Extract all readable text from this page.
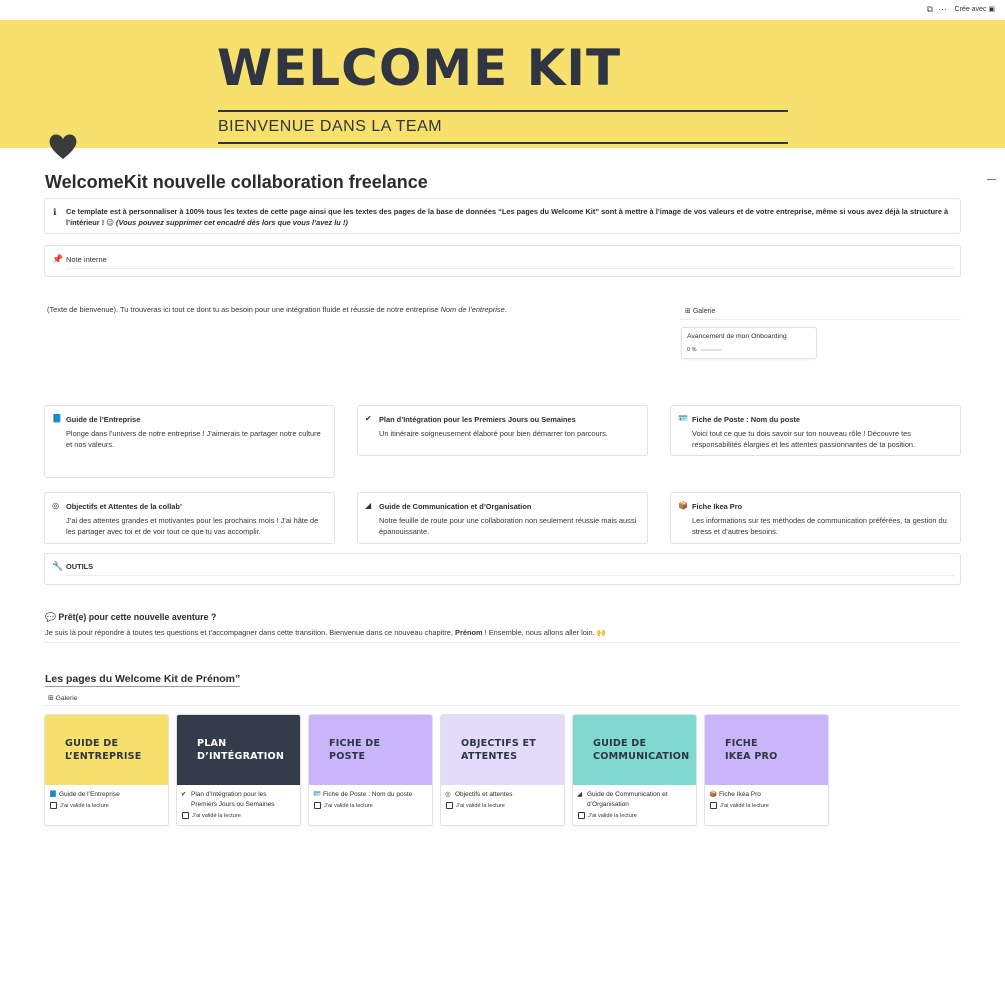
⧉ ··· Crée avec ▣
WELCOME KIT
BIENVENUE DANS LA TEAM
WelcomeKit nouvelle collaboration freelance
ℹ Ce template est à personnaliser à 100% tous les textes de cette page ainsi que les textes des pages de la base de données “Les pages du Welcome Kit” sont à mettre à l’image de vos valeurs et de votre entreprise, même si vous avez déjà la structure à l’intérieur ! 😉 (Vous pouvez supprimer cet encadré dès lors que vous l’avez lu !)
📌 Note interne
(Texte de bienvenue). Tu trouveras ici tout ce dont tu as besoin pour une intégration fluide et réussie de notre entreprise Nom de l’entreprise.	⊞ Galerie
Avancement de mon Onboarding
0 %
📘 Guide de l’Entreprise
Plonge dans l’univers de notre entreprise ! J’aimerais te partager notre culture et nos valeurs.
✔ Plan d’Intégration pour les Premiers Jours ou Semaines
Un itinéraire soigneusement élaboré pour bien démarrer ton parcours.
🪪 Fiche de Poste : Nom du poste
Voici tout ce que tu dois savoir sur ton nouveau rôle ! Découvre tes responsabilités élargies et les attentes passionnantes de ta position.
◎ Objectifs et Attentes de la collab’
J’ai des attentes grandes et motivantes pour les prochains mois ! J’ai hâte de les partager avec toi et de voir tout ce que tu vas accomplir.
◢ Guide de Communication et d’Organisation
Notre feuille de route pour une collaboration non seulement réussie mais aussi épanouissante.
📦 Fiche Ikea Pro
Les informations sur tes méthodes de communication préférées, ta gestion du stress et d’autres besoins.
🔧 OUTILS
💬 Prêt(e) pour cette nouvelle aventure ?
Je suis là pour répondre à toutes tes questions et t’accompagner dans cette transition. Bienvenue dans ce nouveau chapitre, Prénom ! Ensemble, nous allons aller loin. 🙌
Les pages du Welcome Kit de Prénom”
⊞ Galerie
GUIDE DE
L’ENTREPRISE
📘 Guide de l’Entreprise
J’ai validé la lecture
PLAN
D’INTÉGRATION
✔ Plan d’Intégration pour les Premiers Jours ou Semaines
J’ai validé la lecture
FICHE DE
POSTE
🪪 Fiche de Poste : Nom du poste
J’ai validé la lecture
OBJECTIFS ET
ATTENTES
◎ Objectifs et attentes
J’ai validé la lecture
GUIDE DE
COMMUNICATION
◢ Guide de Communication et d’Organisation
J’ai validé la lecture
FICHE
IKEA PRO
📦 Fiche Ikéa Pro
J’ai validé la lecture
